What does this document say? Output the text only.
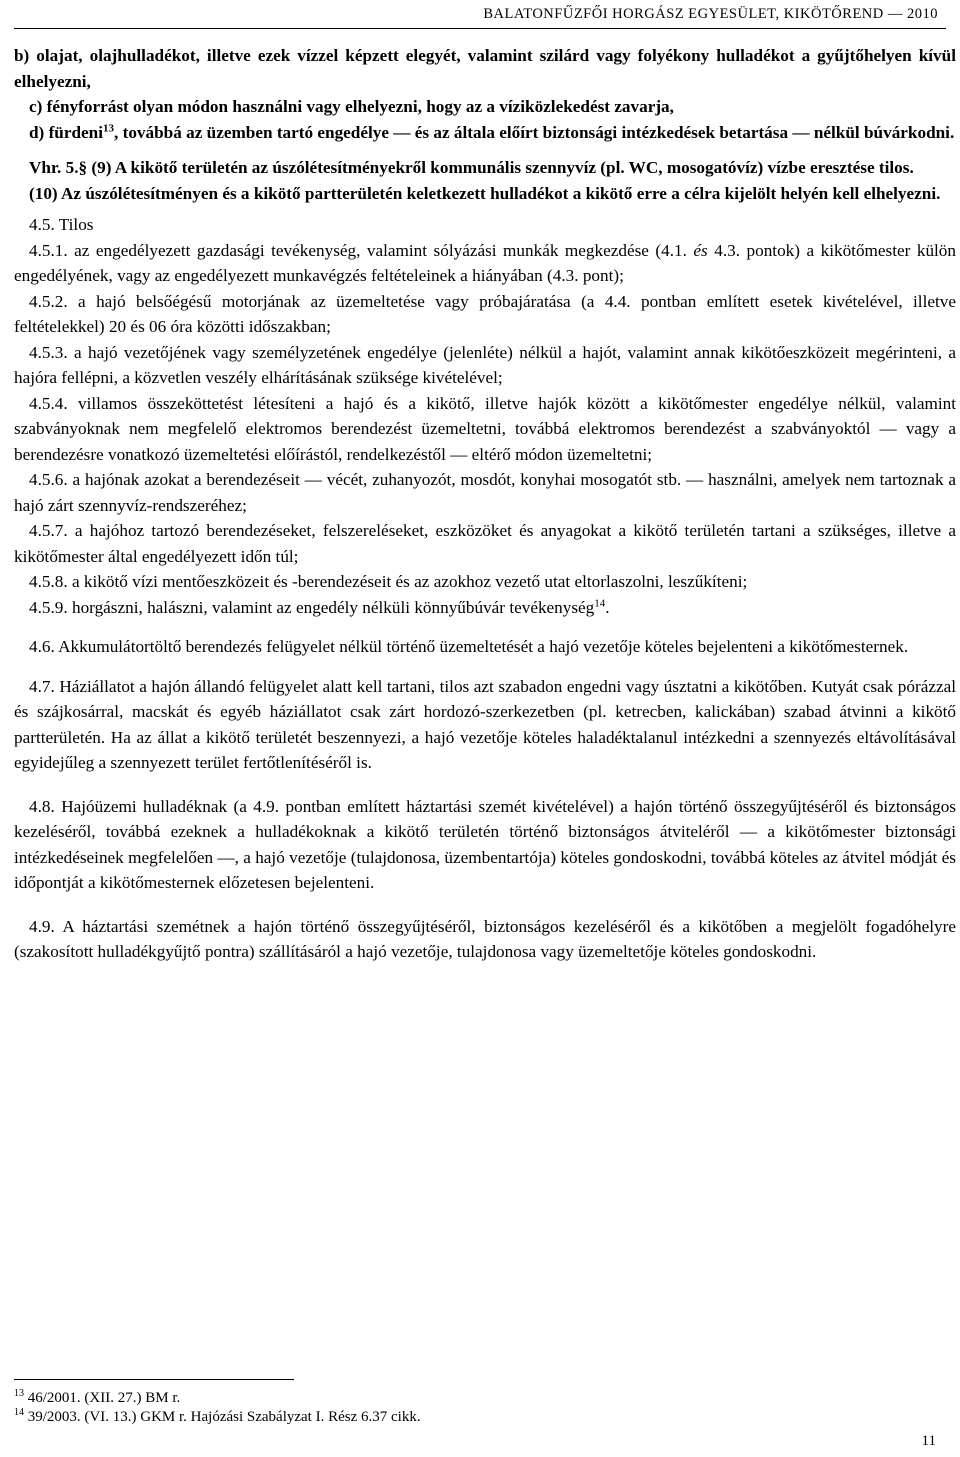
BALATONFŰZFŐI HORGÁSZ EGYESÜLET, KIKÖTŐREND — 2010

b) olajat, olajhulladékot, illetve ezek vízzel képzett elegyét, valamint szilárd vagy folyékony hulladékot a gyűjtőhelyen kívül elhelyezni,

c) fényforrást olyan módon használni vagy elhelyezni, hogy az a víziközlekedést zavarja,

d) fürdeni$^{13}$, továbbá az üzemben tartó engedélye — és az általa előírt biztonsági intézkedések betartása — nélkül búvárkodni.

Vhr. 5.§ (9) A kikötő területén az úszólétesítményekről kommunális szennyvíz (pl. WC, mosogatóvíz) vízbe eresztése tilos.

(10) Az úszólétesítményen és a kikötő partterületén keletkezett hulladékot a kikötő erre a célra kijelölt helyén kell elhelyezni.

4.5. Tilos

4.5.1. az engedélyezett gazdasági tevékenység, valamint sólyázási munkák megkezdése (4.1. és 4.3. pontok) a kikötőmester külön engedélyének, vagy az engedélyezett munkavégzés feltételeinek a hiányában (4.3. pont);

4.5.2. a hajó belsőégésű motorjának az üzemeltetése vagy próbajáratása (a 4.4. pontban említett esetek kivételével, illetve feltételekkel) 20 és 06 óra közötti időszakban;

4.5.3. a hajó vezetőjének vagy személyzetének engedélye (jelenléte) nélkül a hajót, valamint annak kikötőeszközeit megérinteni, a hajóra fellépni, a közvetlen veszély elhárításának szüksége kivételével;

4.5.4. villamos összeköttetést létesíteni a hajó és a kikötő, illetve hajók között a kikötőmester engedélye nélkül, valamint szabványoknak nem megfelelő elektromos berendezést üzemeltetni, továbbá elektromos berendezést a szabványoktól — vagy a berendezésre vonatkozó üzemeltetési előírástól, rendelkezéstől — eltérő módon üzemeltetni;

4.5.6. a hajónak azokat a berendezéseit — vécét, zuhanyozót, mosdót, konyhai mosogatót stb. — használni, amelyek nem tartoznak a hajó zárt szennyvíz-rendszeréhez;

4.5.7. a hajóhoz tartozó berendezéseket, felszereléseket, eszközöket és anyagokat a kikötő területén tartani a szükséges, illetve a kikötőmester által engedélyezett időn túl;

4.5.8. a kikötő vízi mentőeszközeit és -berendezéseit és az azokhoz vezető utat eltorlaszolni, leszűkíteni;

4.5.9. horgászni, halászni, valamint az engedély nélküli könnyűbúvár tevékenység$^{14}$.

4.6. Akkumulátortöltő berendezés felügyelet nélkül történő üzemeltetését a hajó vezetője köteles bejelenteni a kikötőmesternek.

4.7. Háziállatot a hajón állandó felügyelet alatt kell tartani, tilos azt szabadon engedni vagy úsztatni a kikötőben. Kutyát csak pórázzal és szájkosárral, macskát és egyéb háziállatot csak zárt hordozó-szerkezetben (pl. ketrecben, kalickában) szabad átvinni a kikötő partterületén. Ha az állat a kikötő területét beszennyezi, a hajó vezetője köteles haladéktalanul intézkedni a szennyezés eltávolításával egyidejűleg a szennyezett terület fertőtlenítéséről is.

4.8. Hajóüzemi hulladéknak (a 4.9. pontban említett háztartási szemét kivételével) a hajón történő összegyűjtéséről és biztonságos kezeléséről, továbbá ezeknek a hulladékoknak a kikötő területén történő biztonságos átviteléről — a kikötőmester biztonsági intézkedéseinek megfelelően —, a hajó vezetője (tulajdonosa, üzembentartója) köteles gondoskodni, továbbá köteles az átvitel módját és időpontját a kikötőmesternek előzetesen bejelenteni.

4.9. A háztartási szemétnek a hajón történő összegyűjtéséről, biztonságos kezeléséről és a kikötőben a megjelölt fogadóhelyre (szakosított hulladékgyűjtő pontra) szállításáról a hajó vezetője, tulajdonosa vagy üzemeltetője köteles gondoskodni.

$^{13}$ 46/2001. (XII. 27.) BM r.

$^{14}$ 39/2003. (VI. 13.) GKM r. Hajózási Szabályzat I. Rész 6.37 cikk.

11
